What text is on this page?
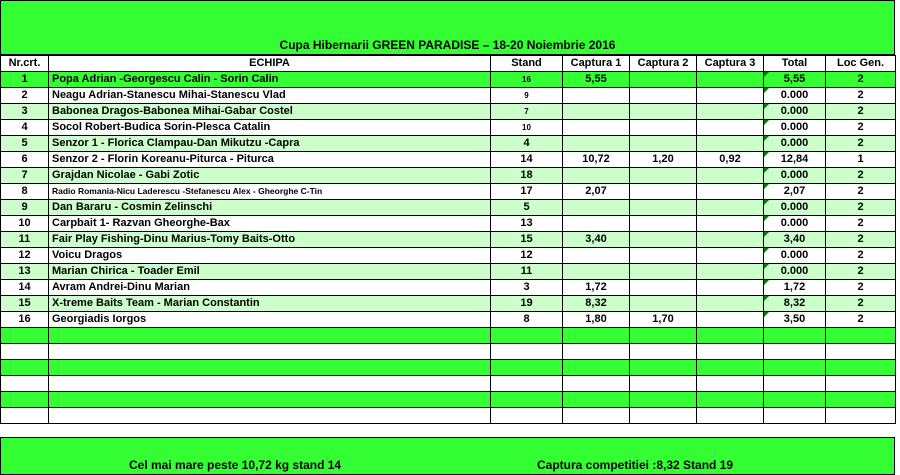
Cupa Hibernarii GREEN PARADISE – 18-20 Noiembrie 2016
Nr.crt.	ECHIPA	Stand	Captura 1	Captura 2	Captura 3	Total	Loc Gen.
1	Popa Adrian -Georgescu Calin - Sorin Calin	16	5,55			5,55	2
2	Neagu Adrian-Stanescu Mihai-Stanescu Vlad	9				0.000	2
3	Babonea Dragos-Babonea Mihai-Gabar Costel	7				0.000	2
4	Socol Robert-Budica Sorin-Plesca Catalin	10				0.000	2
5	Senzor 1 - Florica Clampau-Dan Mikutzu -Capra	4				0.000	2
6	Senzor 2 - Florin Koreanu-Piturca - Piturca	14	10,72	1,20	0,92	12,84	1
7	Grajdan Nicolae - Gabi Zotic	18				0.000	2
8	Radio Romania-Nicu Laderescu -Stefanescu Alex - Gheorghe C-Tin	17	2,07			2,07	2
9	Dan Bararu - Cosmin Zelinschi	5				0.000	2
10	Carpbait 1- Razvan Gheorghe-Bax	13				0.000	2
11	Fair Play Fishing-Dinu Marius-Tomy Baits-Otto	15	3,40			3,40	2
12	Voicu Dragos	12				0.000	2
13	Marian Chirica - Toader Emil	11				0.000	2
14	Avram Andrei-Dinu Marian	3	1,72			1,72	2
15	X-treme Baits Team - Marian Constantin	19	8,32			8,32	2
16	Georgiadis Iorgos	8	1,80	1,70		3,50	2

Cel mai mare peste 10,72 kg stand 14	Captura competitiei :8,32 Stand 19
